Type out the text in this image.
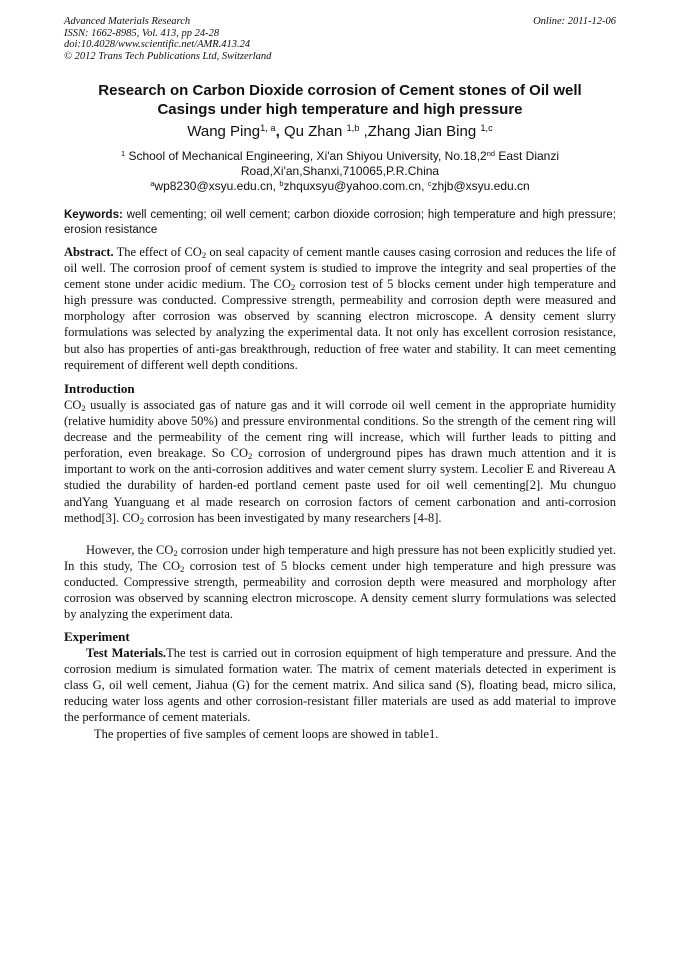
Advanced Materials Research
ISSN: 1662-8985, Vol. 413, pp 24-28
doi:10.4028/www.scientific.net/AMR.413.24
© 2012 Trans Tech Publications Ltd, Switzerland
Online: 2011-12-06
Research on Carbon Dioxide corrosion of Cement stones of Oil well
Casings under high temperature and high pressure
Wang Ping$^{1, a}$, Qu Zhan $^{1,b}$ ,Zhang Jian Bing $^{1,c}$
$^1$ School of Mechanical Engineering, Xi'an Shiyou University, No.18,2nd East Dianzi
Road,Xi'an,Shanxi,710065,P.R.China
$^a$wp8230@xsyu.edu.cn, $^b$zhquxsyu@yahoo.com.cn, $^c$zhjb@xsyu.edu.cn
Keywords: well cementing; oil well cement; carbon dioxide corrosion; high temperature and high pressure; erosion resistance
Abstract. The effect of $CO_2$ on seal capacity of cement mantle causes casing corrosion and reduces the life of oil well. The corrosion proof of cement system is studied to improve the integrity and seal properties of the cement stone under acidic medium. The $CO_2$ corrosion test of 5 blocks cement under high temperature and high pressure was conducted. Compressive strength, permeability and corrosion depth were measured and morphology after corrosion was observed by scanning electron microscope. A density cement slurry formulations was selected by analyzing the experimental data. It not only has excellent corrosion resistance, but also has properties of anti-gas breakthrough, reduction of free water and stability. It can meet cementing requirement of different well depth conditions.
Introduction
$CO_2$ usually is associated gas of nature gas and it will corrode oil well cement in the appropriate humidity (relative humidity above 50%) and pressure environmental conditions. So the strength of the cement ring will decrease and the permeability of the cement ring will increase, which will further leads to pitting and perforation, even breakage. So $CO_2$ corrosion of underground pipes has drawn much attention and it is important to work on the anti-corrosion additives and water cement slurry system. Lecolier E and Rivereau A studied the durability of harden-ed portland cement paste used for oil well cementing[2]. Mu chunguo andYang Yuanguang et al made research on corrosion factors of cement carbonation and anti-corrosion method[3]. $CO_2$ corrosion has been investigated by many researchers [4-8].
However, the $CO_2$ corrosion under high temperature and high pressure has not been explicitly studied yet. In this study, The $CO_2$ corrosion test of 5 blocks cement under high temperature and high pressure was conducted. Compressive strength, permeability and corrosion depth were measured and morphology after corrosion was observed by scanning electron microscope. A density cement slurry formulations was selected by analyzing the experiment data.
Experiment
Test Materials.The test is carried out in corrosion equipment of high temperature and pressure. And the corrosion medium is simulated formation water. The matrix of cement materials detected in experiment is class G, oil well cement, Jiahua (G) for the cement matrix. And silica sand (S), floating bead, micro silica, reducing water loss agents and other corrosion-resistant filler materials are used as add material to improve the performance of cement materials.
The properties of five samples of cement loops are showed in table1.
